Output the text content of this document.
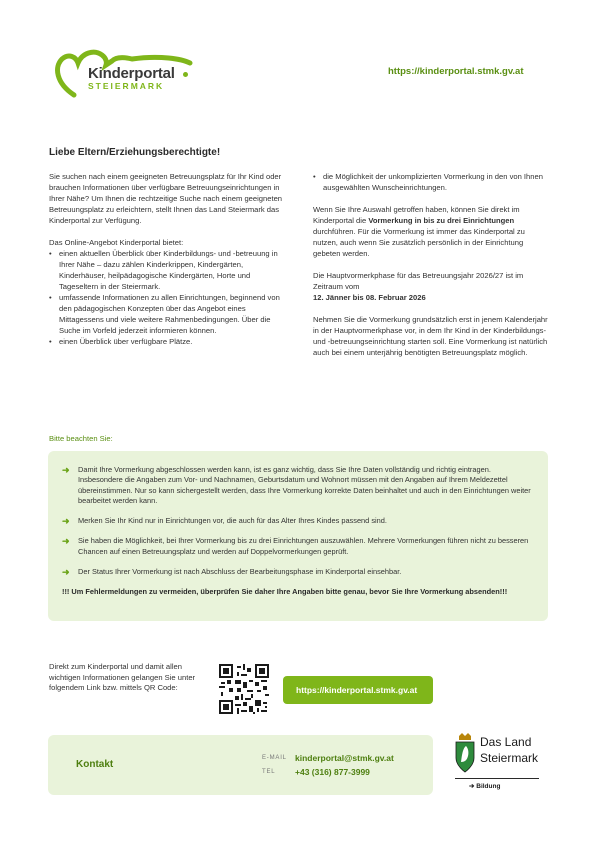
Kinderportal
STEIERMARK
https://kinderportal.stmk.gv.at
Liebe Eltern/Erziehungsberechtigte!

Sie suchen nach einem geeigneten Betreuungsplatz für Ihr Kind oder brauchen Informationen über verfügbare Betreuungseinrichtungen in Ihrer Nähe? Um Ihnen die rechtzeitige Suche nach einem geeigneten Betreuungsplatz zu erleichtern, stellt Ihnen das Land Steiermark das Kinderportal zur Verfügung.

Das Online-Angebot Kinderportal bietet:

• einen aktuellen Überblick über Kinderbildungs- und -betreuung in Ihrer Nähe – dazu zählen Kinderkrippen, Kindergärten, Kinderhäuser, heilpädagogische Kindergärten, Horte und Tageseltern in der Steiermark.
• umfassende Informationen zu allen Einrichtungen, beginnend von den pädagogischen Konzepten über das Angebot eines Mittagessens und viele weitere Rahmenbedingungen. Über die Suche im Vorfeld jederzeit informieren können.
• einen Überblick über verfügbare Plätze.
• die Möglichkeit der unkomplizierten Vormerkung in den von Ihnen ausgewählten Wunscheinrichtungen.

Wenn Sie Ihre Auswahl getroffen haben, können Sie direkt im Kinderportal die Vormerkung in bis zu drei Einrichtungen durchführen. Für die Vormerkung ist immer das Kinderportal zu nutzen, auch wenn Sie zusätzlich persönlich in der Einrichtung gebeten werden.

Die Hauptvormerkphase für das Betreuungsjahr 2026/27 ist im Zeitraum vom
12. Jänner bis 08. Februar 2026

Nehmen Sie die Vormerkung grundsätzlich erst in jenem Kalenderjahr in der Hauptvormerkphase vor, in dem Ihr Kind in der Kinderbildungs- und -betreuungseinrichtung starten soll. Eine Vormerkung ist natürlich auch bei einem unterjährig benötigten Betreuungsplatz möglich.

Bitte beachten Sie:
➜ Damit Ihre Vormerkung abgeschlossen werden kann, ist es ganz wichtig, dass Sie Ihre Daten vollständig und richtig eintragen. Insbesondere die Angaben zum Vor- und Nachnamen, Geburtsdatum und Wohnort müssen mit den Angaben auf Ihrem Meldezettel übereinstimmen. Nur so kann sichergestellt werden, dass Ihre Vormerkung korrekte Daten beinhaltet und auch in den Einrichtungen weiter bearbeitet werden kann.
➜ Merken Sie Ihr Kind nur in Einrichtungen vor, die auch für das Alter Ihres Kindes passend sind.
➜ Sie haben die Möglichkeit, bei Ihrer Vormerkung bis zu drei Einrichtungen auszuwählen. Mehrere Vormerkungen führen nicht zu besseren Chancen auf einen Betreuungsplatz und werden auf Doppelvormerkungen geprüft.
➜ Der Status Ihrer Vormerkung ist nach Abschluss der Bearbeitungsphase im Kinderportal einsehbar.
!!! Um Fehlermeldungen zu vermeiden, überprüfen Sie daher Ihre Angaben bitte genau, bevor Sie Ihre Vormerkung absenden!!!
Direkt zum Kinderportal und damit allen wichtigen Informationen gelangen Sie unter folgendem Link bzw. mittels QR Code:	https://kinderportal.stmk.gv.at
Kontakt
E-MAIL kinderportal@stmk.gv.at
TEL +43 (316) 877-3999
Das Land
Steiermark
➔ Bildung
